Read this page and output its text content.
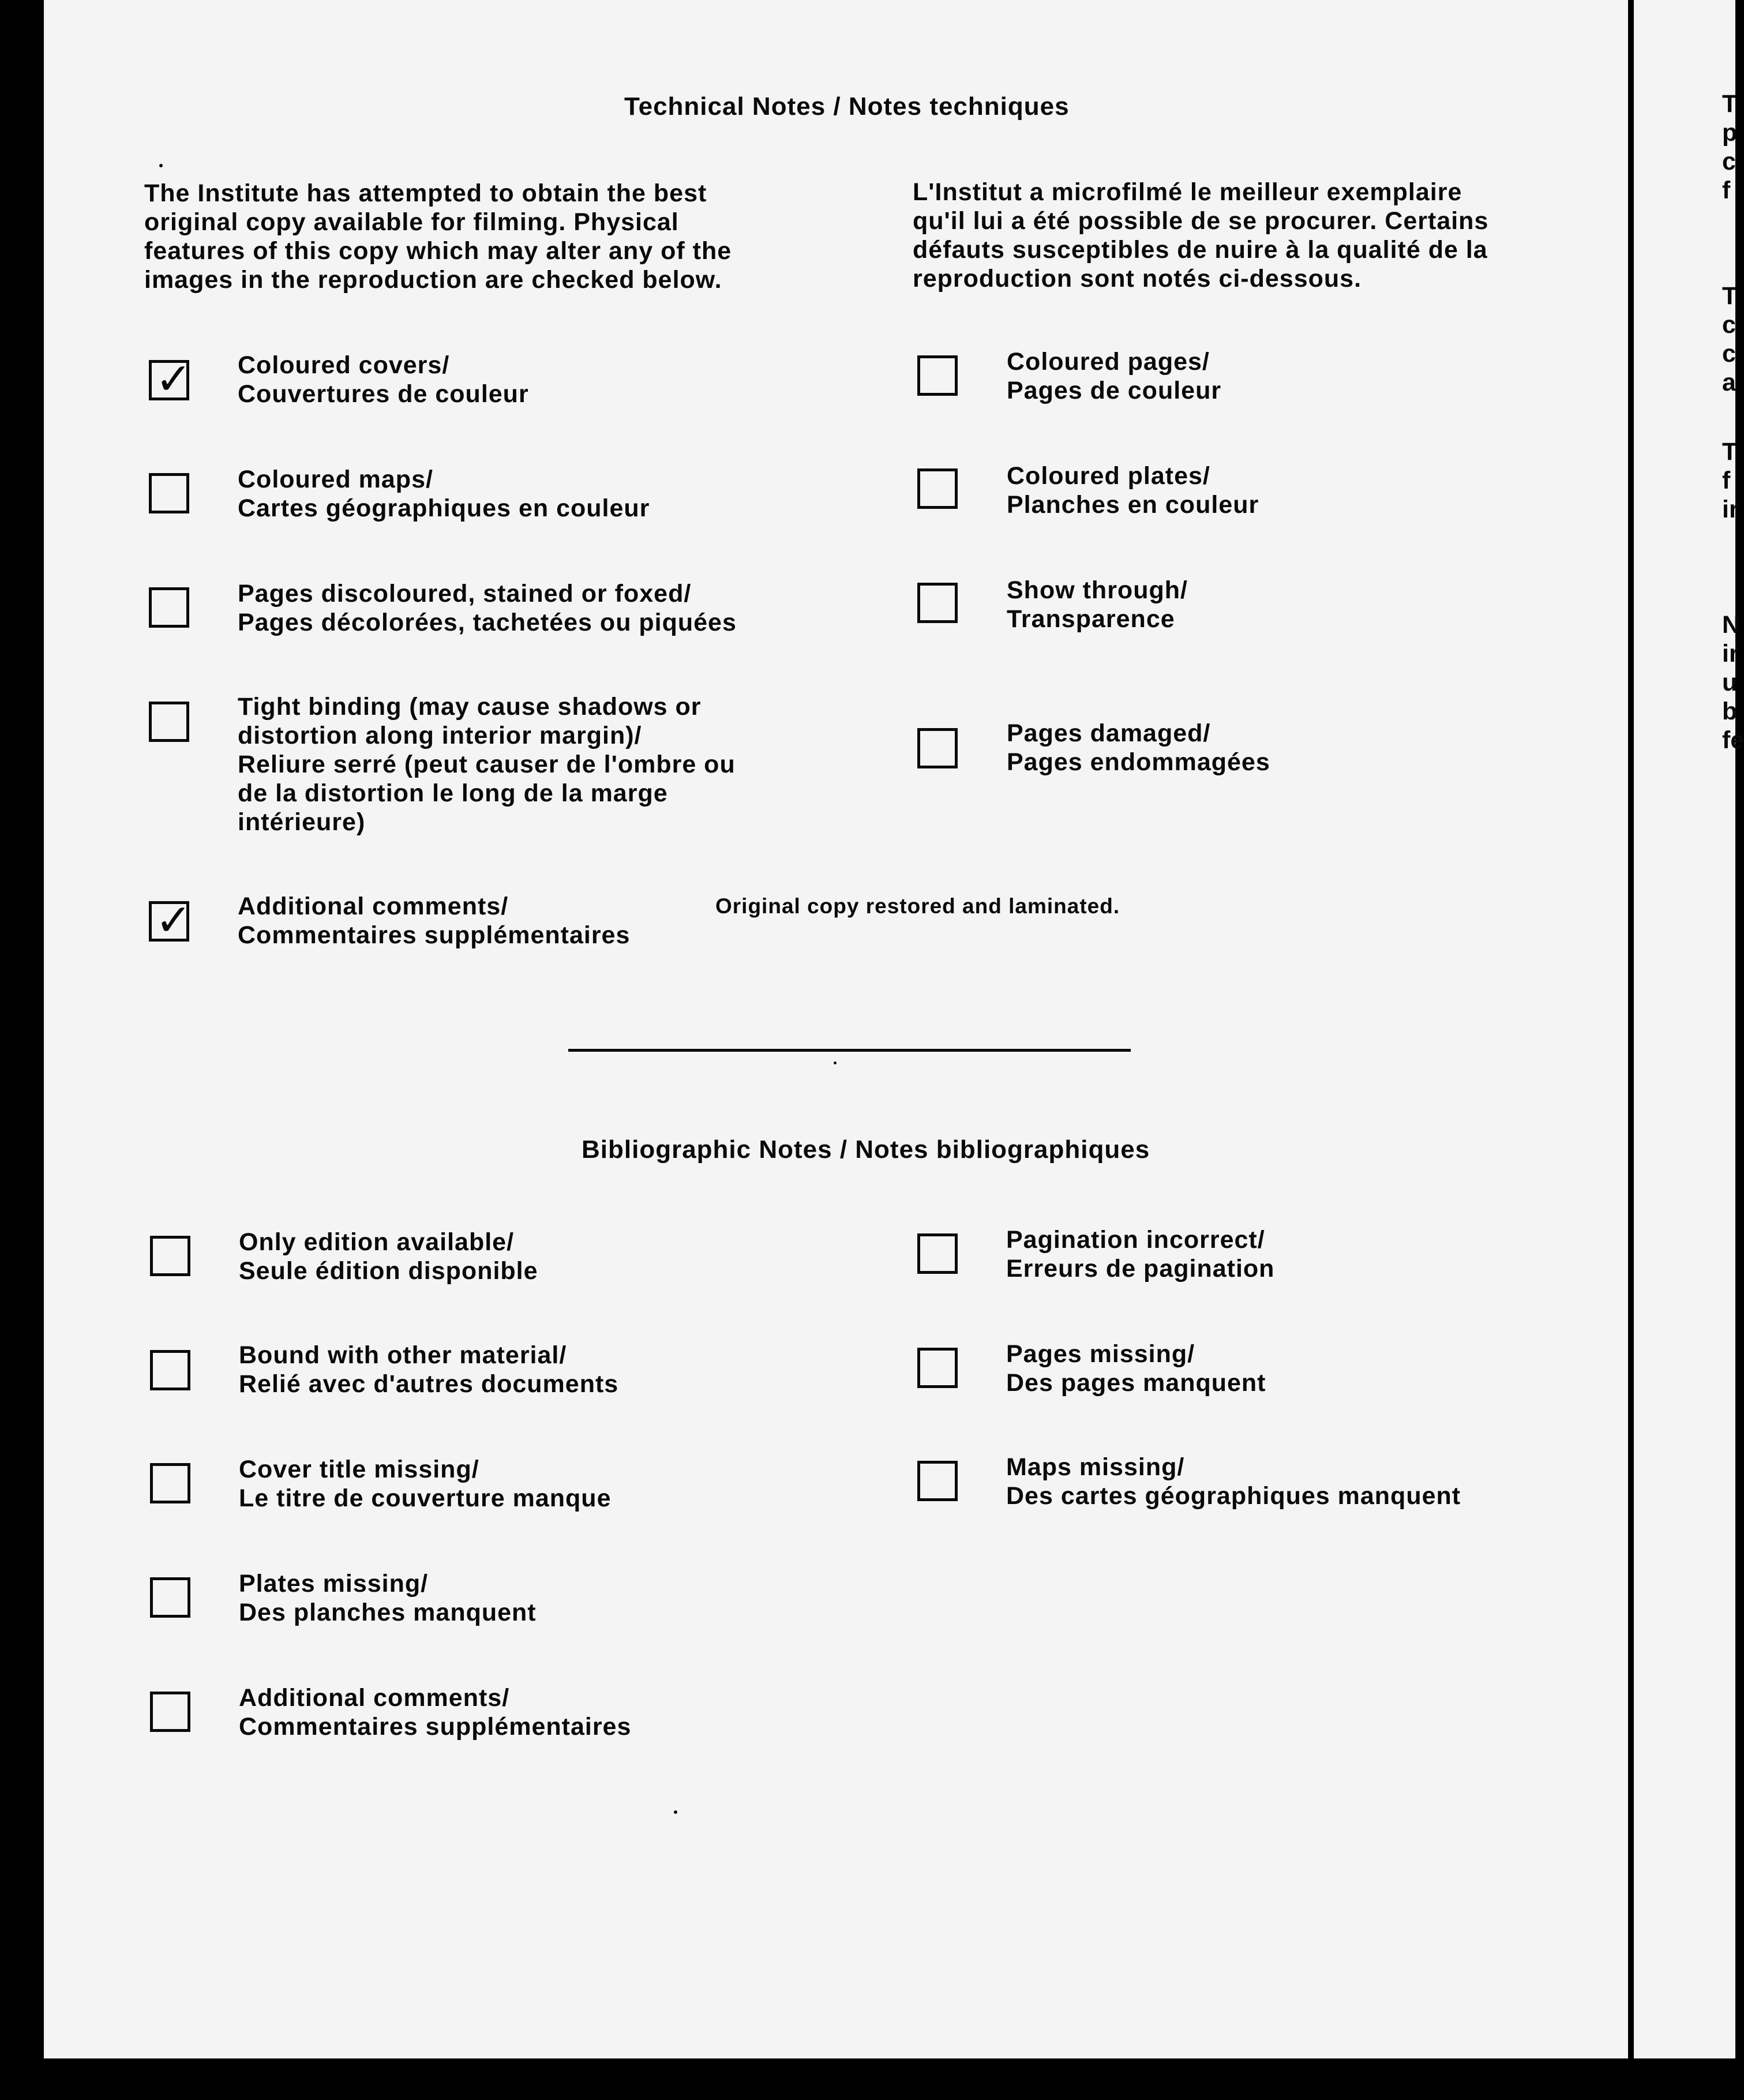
Technical Notes / Notes techniques
The Institute has attempted to obtain the best
original copy available for filming. Physical
features of this copy which may alter any of the
images in the reproduction are checked below.
L'Institut a microfilmé le meilleur exemplaire
qu'il lui a été possible de se procurer. Certains
défauts susceptibles de nuire à la qualité de la
reproduction sont notés ci-dessous.
✓ Coloured covers/
Couvertures de couleur
Coloured maps/
Cartes géographiques en couleur
Pages discoloured, stained or foxed/
Pages décolorées, tachetées ou piquées
Tight binding (may cause shadows or
distortion along interior margin)/
Reliure serré (peut causer de l'ombre ou
de la distortion le long de la marge
intérieure)
✓ Additional comments/
Commentaires supplémentaires
Original copy restored and laminated.
Coloured pages/
Pages de couleur
Coloured plates/
Planches en couleur
Show through/
Transparence
Pages damaged/
Pages endommagées
Bibliographic Notes / Notes bibliographiques
Only edition available/
Seule édition disponible
Bound with other material/
Relié avec d'autres documents
Cover title missing/
Le titre de couverture manque
Plates missing/
Des planches manquent
Additional comments/
Commentaires supplémentaires
Pagination incorrect/
Erreurs de pagination
Pages missing/
Des pages manquent
Maps missing/
Des cartes géographiques manquent
T
p
c
f
T
c
c
a
T
f
ir
N
ir
u
b
fe
